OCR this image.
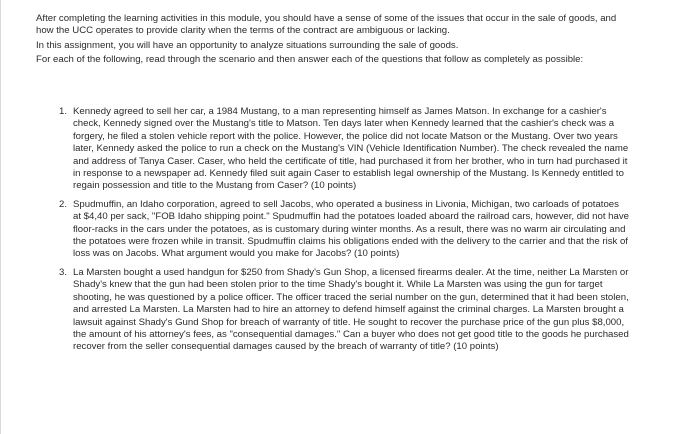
After completing the learning activities in this module, you should have a sense of some of the issues that occur in the sale of goods, and how the UCC operates to provide clarity when the terms of the contract are ambiguous or lacking.

In this assignment, you will have an opportunity to analyze situations surrounding the sale of goods.

For each of the following, read through the scenario and then answer each of the questions that follow as completely as possible:

1. Kennedy agreed to sell her car, a 1984 Mustang, to a man representing himself as James Matson. In exchange for a cashier's check, Kennedy signed over the Mustang's title to Matson. Ten days later when Kennedy learned that the cashier's check was a forgery, he filed a stolen vehicle report with the police. However, the police did not locate Matson or the Mustang. Over two years later, Kennedy asked the police to run a check on the Mustang's VIN (Vehicle Identification Number). The check revealed the name and address of Tanya Caser. Caser, who held the certificate of title, had purchased it from her brother, who in turn had purchased it in response to a newspaper ad. Kennedy filed suit again Caser to establish legal ownership of the Mustang. Is Kennedy entitled to regain possession and title to the Mustang from Caser? (10 points)
2. Spudmuffin, an Idaho corporation, agreed to sell Jacobs, who operated a business in Livonia, Michigan, two carloads of potatoes at $4,40 per sack, "FOB Idaho shipping point." Spudmuffin had the potatoes loaded aboard the railroad cars, however, did not have floor-racks in the cars under the potatoes, as is customary during winter months. As a result, there was no warm air circulating and the potatoes were frozen while in transit. Spudmuffin claims his obligations ended with the delivery to the carrier and that the risk of loss was on Jacobs. What argument would you make for Jacobs? (10 points)
3. La Marsten bought a used handgun for $250 from Shady's Gun Shop, a licensed firearms dealer. At the time, neither La Marsten or Shady's knew that the gun had been stolen prior to the time Shady's bought it. While La Marsten was using the gun for target shooting, he was questioned by a police officer. The officer traced the serial number on the gun, determined that it had been stolen, and arrested La Marsten. La Marsten had to hire an attorney to defend himself against the criminal charges. La Marsten brought a lawsuit against Shady's Gund Shop for breach of warranty of title. He sought to recover the purchase price of the gun plus $8,000, the amount of his attorney's fees, as "consequential damages." Can a buyer who does not get good title to the goods he purchased recover from the seller consequential damages caused by the breach of warranty of title? (10 points)
